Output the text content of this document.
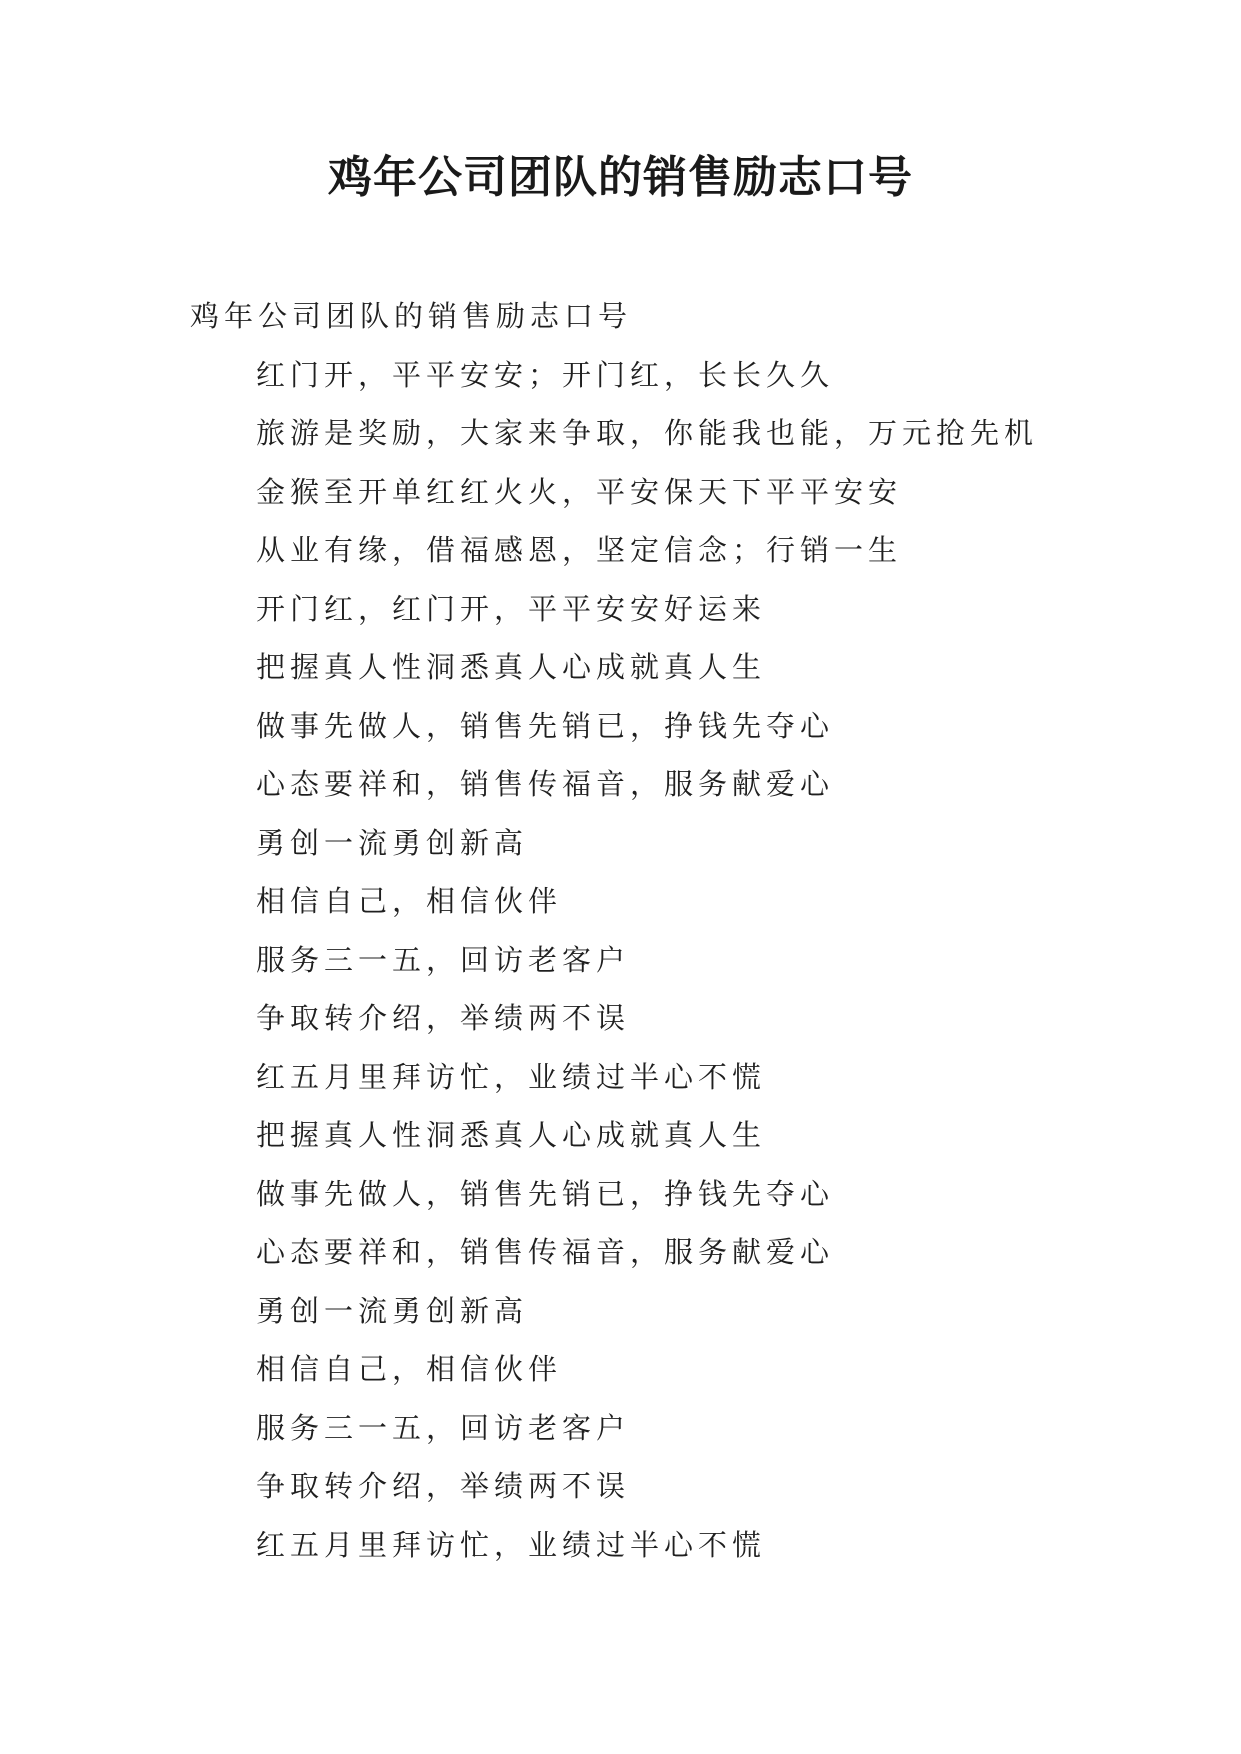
鸡年公司团队的销售励志口号

鸡年公司团队的销售励志口号

红门开，平平安安；开门红，长长久久
旅游是奖励，大家来争取，你能我也能，万元抢先机
金猴至开单红红火火，平安保天下平平安安
从业有缘，借福感恩，坚定信念；行销一生
开门红，红门开，平平安安好运来
把握真人性洞悉真人心成就真人生
做事先做人，销售先销已，挣钱先夺心
心态要祥和，销售传福音，服务献爱心
勇创一流勇创新高
相信自己，相信伙伴
服务三一五，回访老客户
争取转介绍，举绩两不误
红五月里拜访忙，业绩过半心不慌
把握真人性洞悉真人心成就真人生
做事先做人，销售先销已，挣钱先夺心
心态要祥和，销售传福音，服务献爱心
勇创一流勇创新高
相信自己，相信伙伴
服务三一五，回访老客户
争取转介绍，举绩两不误
红五月里拜访忙，业绩过半心不慌
